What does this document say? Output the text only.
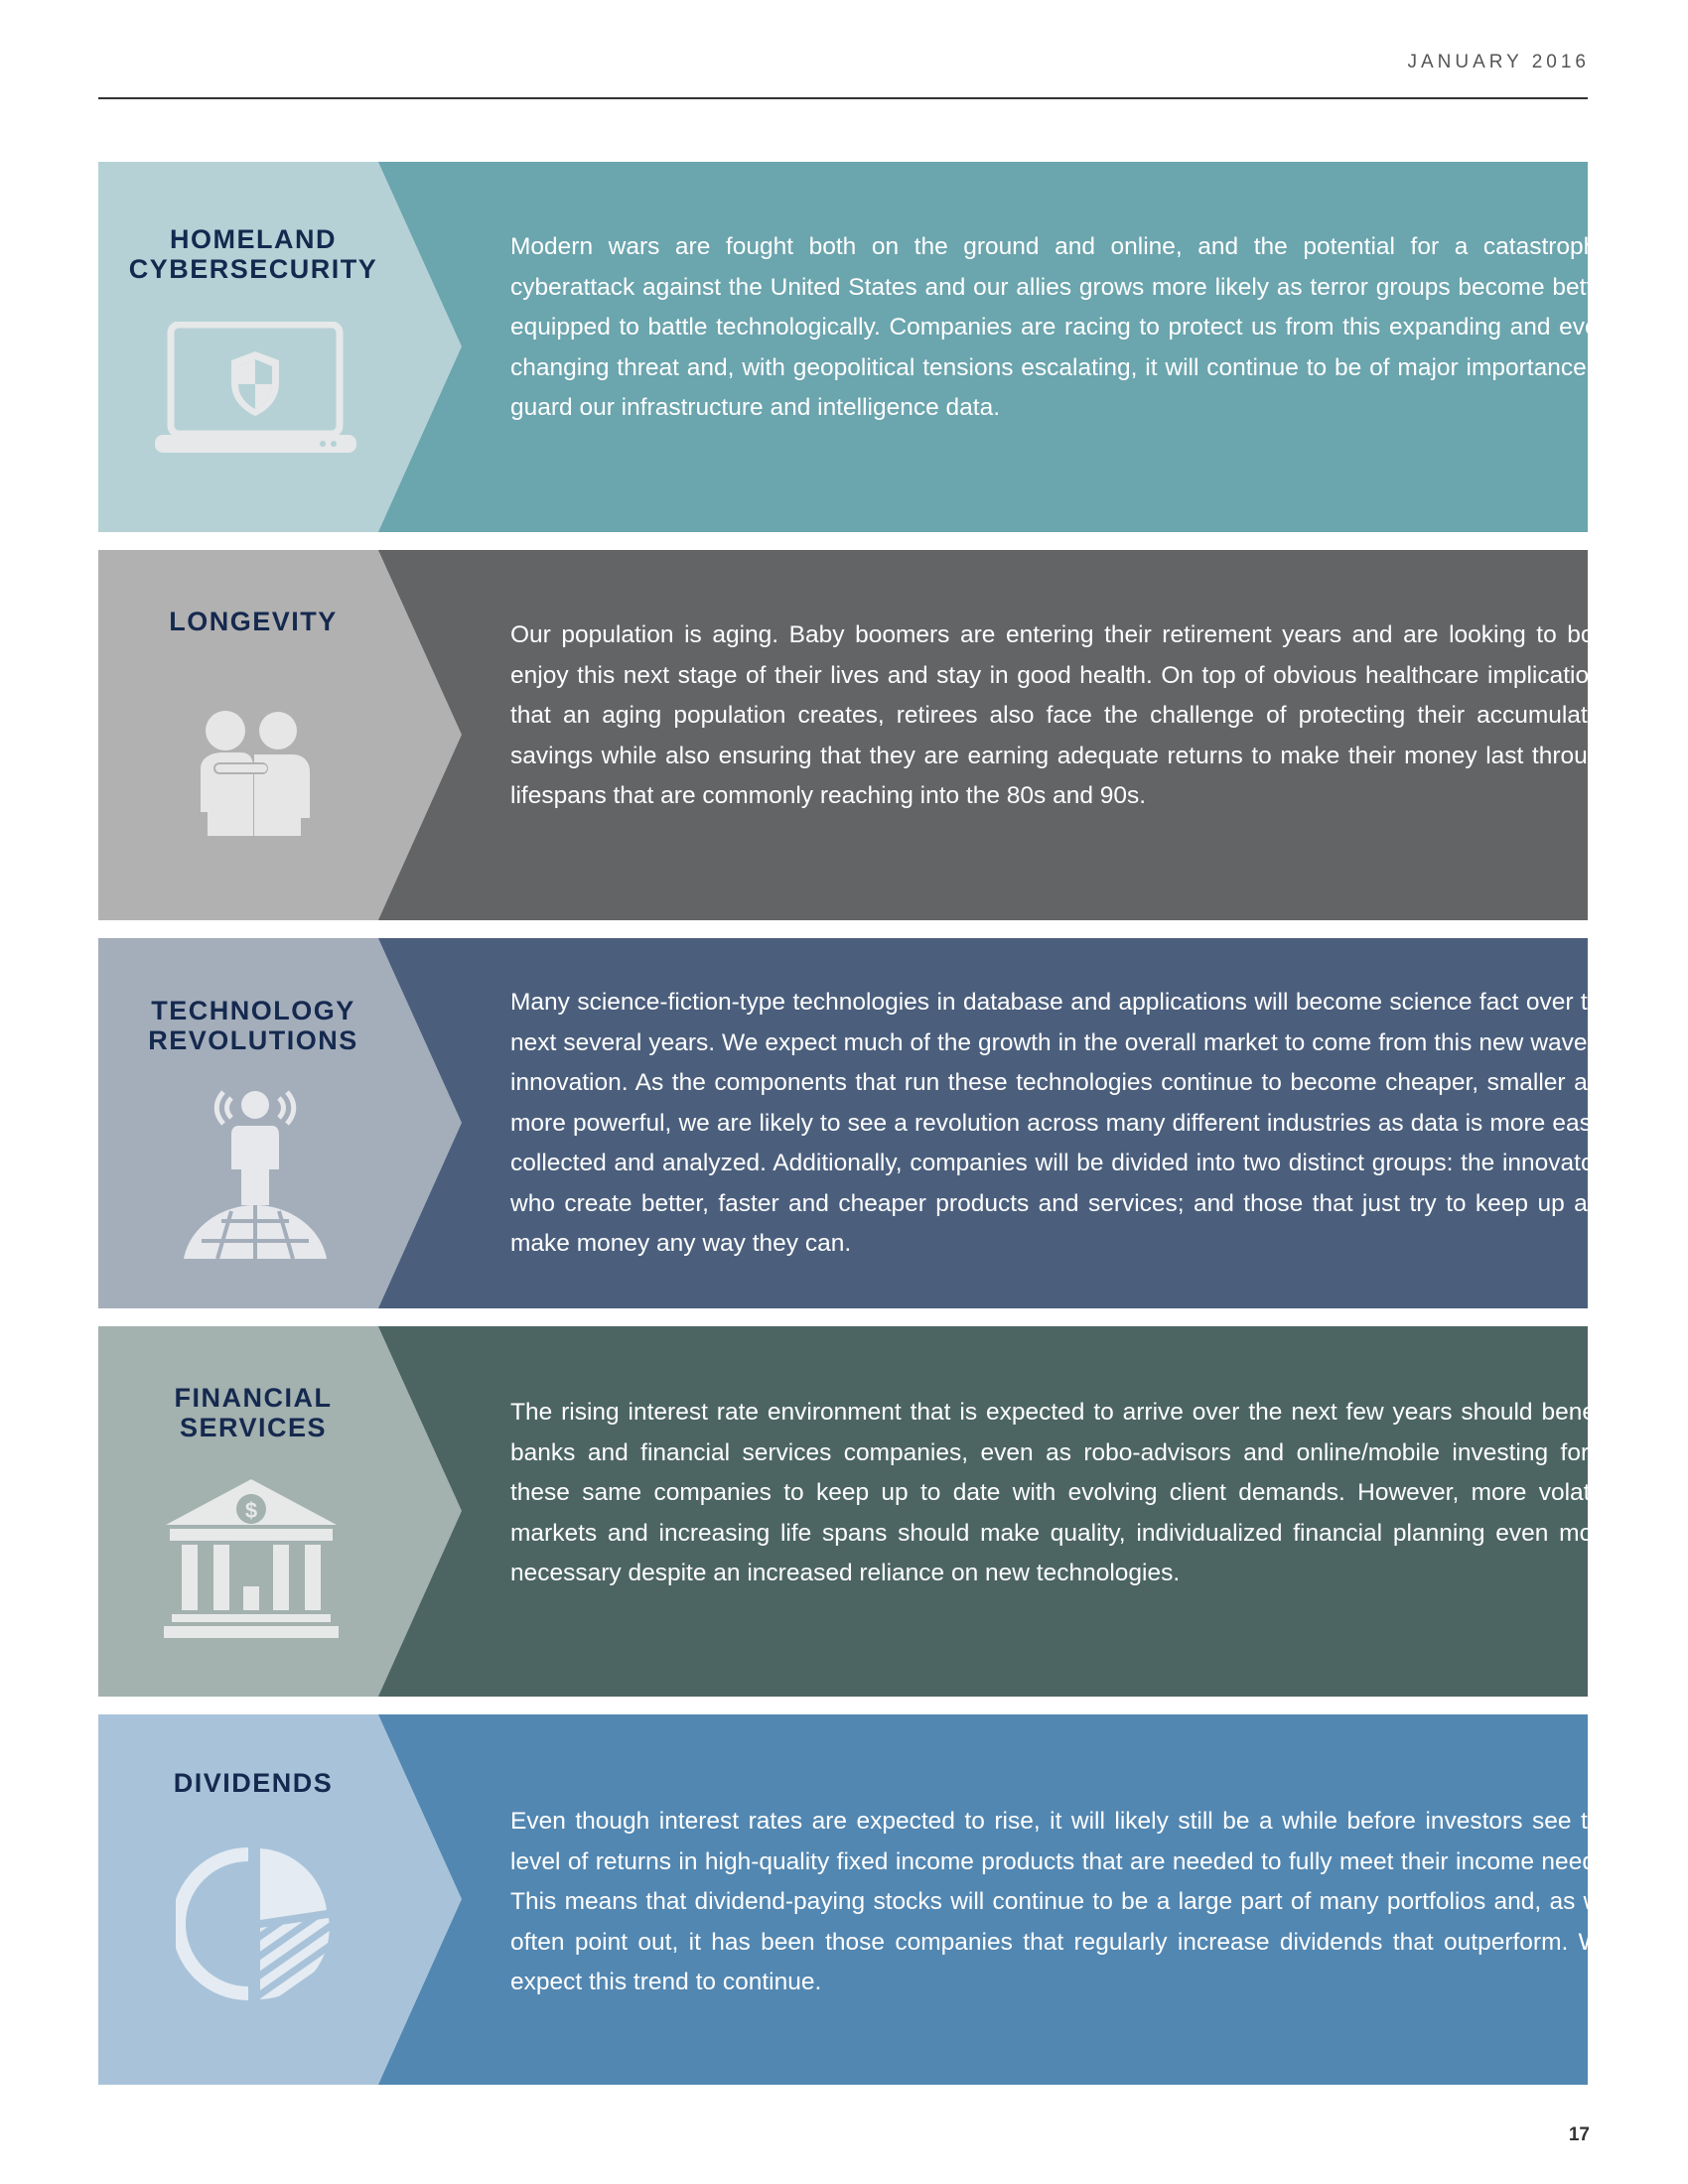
JANUARY 2016
HOMELAND
CYBERSECURITY
Modern wars are fought both on the ground and online, and the potential for a catastrophic cyberattack against the United States and our allies grows more likely as terror groups become better equipped to battle technologically. Companies are racing to protect us from this expanding and ever-changing threat and, with geopolitical tensions escalating, it will continue to be of major importance to guard our infrastructure and intelligence data.
LONGEVITY	Our population is aging. Baby boomers are entering their retirement years and are looking to both enjoy this next stage of their lives and stay in good health. On top of obvious healthcare implications that an aging population creates, retirees also face the challenge of protecting their accumulated savings while also ensuring that they are earning adequate returns to make their money last through lifespans that are commonly reaching into the 80s and 90s.
TECHNOLOGY
REVOLUTIONS
Many science-fiction-type technologies in database and applications will become science fact over the next several years. We expect much of the growth in the overall market to come from this new wave of innovation. As the components that run these technologies continue to become cheaper, smaller and more powerful, we are likely to see a revolution across many different industries as data is more easily collected and analyzed. Additionally, companies will be divided into two distinct groups: the innovators who create better, faster and cheaper products and services; and those that just try to keep up and make money any way they can.
FINANCIAL
SERVICES
$
The rising interest rate environment that is expected to arrive over the next few years should benefit banks and financial services companies, even as robo-advisors and online/mobile investing force these same companies to keep up to date with evolving client demands. However, more volatile markets and increasing life spans should make quality, individualized financial planning even more necessary despite an increased reliance on new technologies.
DIVIDENDS
Even though interest rates are expected to rise, it will likely still be a while before investors see the level of returns in high-quality fixed income products that are needed to fully meet their income needs. This means that dividend-paying stocks will continue to be a large part of many portfolios and, as we often point out, it has been those companies that regularly increase dividends that outperform. We expect this trend to continue.
17
